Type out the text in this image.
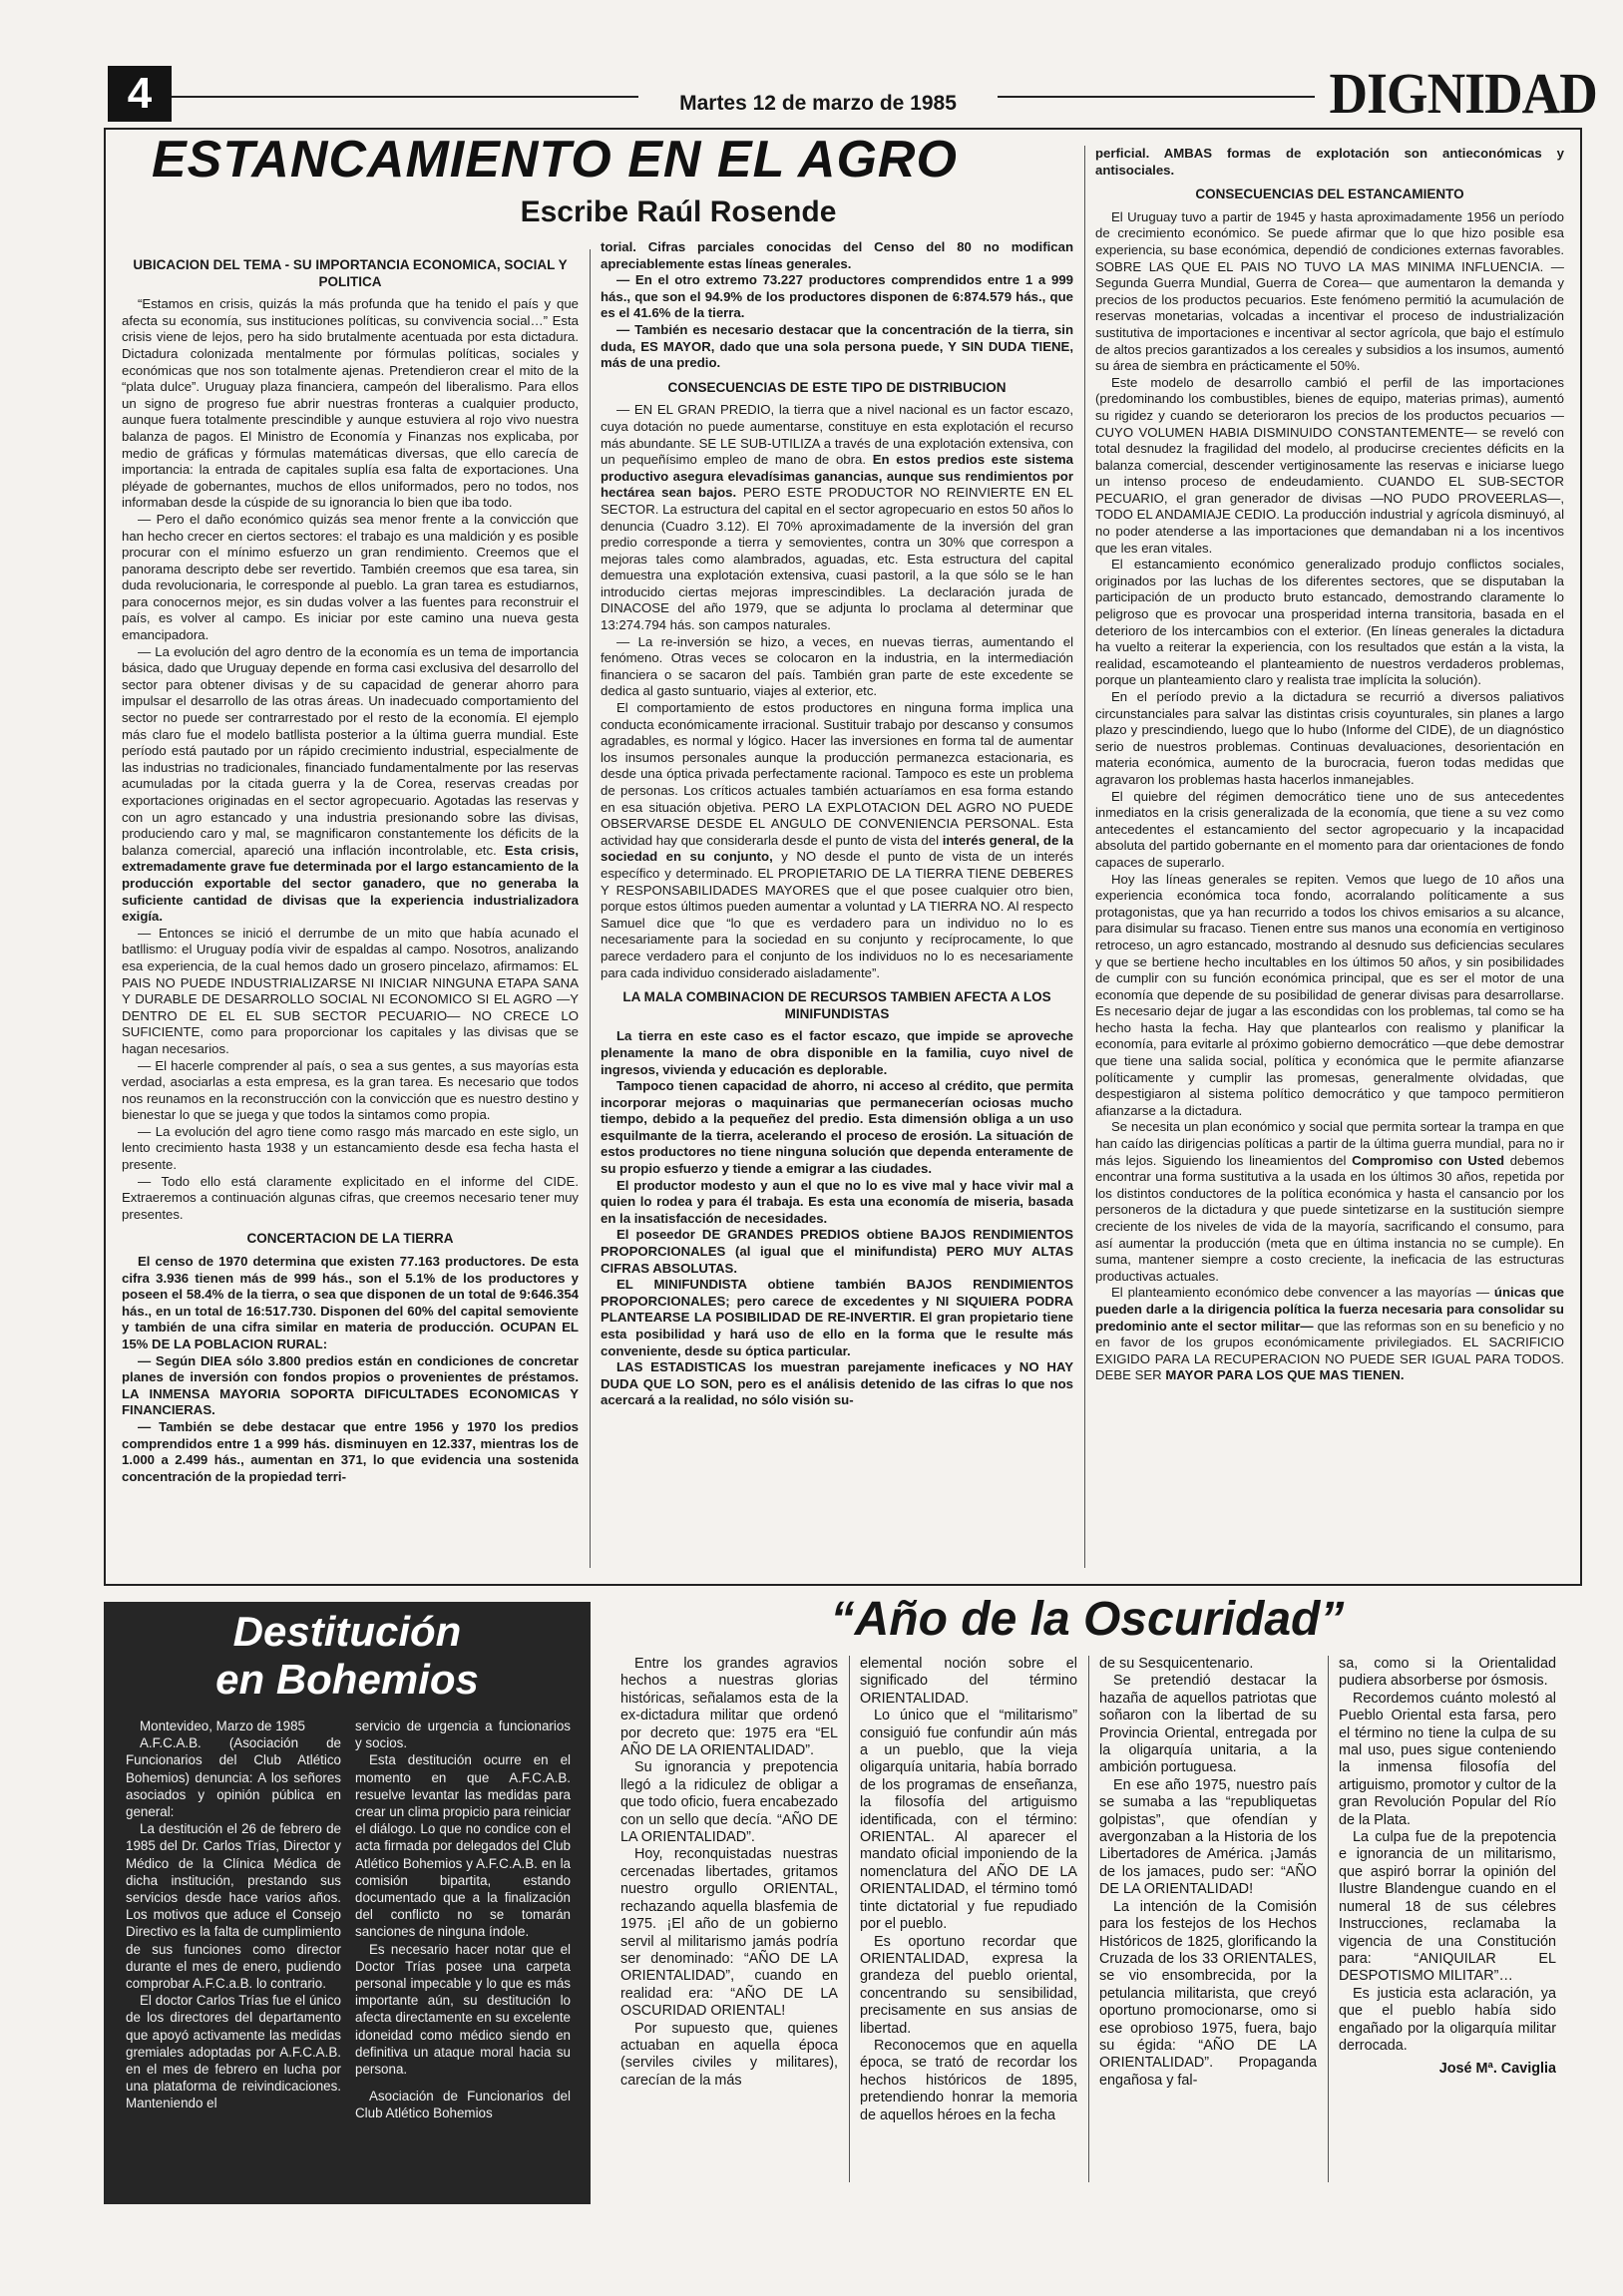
4	Martes 12 de marzo de 1985	DIGNIDAD
ESTANCAMIENTO EN EL AGRO
Escribe Raúl Rosende
UBICACION DEL TEMA - SU IMPORTANCIA ECONOMICA, SOCIAL Y POLITICA

“Estamos en crisis, quizás la más profunda que ha tenido el país y que afecta su economía, sus instituciones políticas, su convivencia social…” Esta crisis viene de lejos, pero ha sido brutalmente acentuada por esta dictadura. Dictadura colonizada mentalmente por fórmulas políticas, sociales y económicas que nos son totalmente ajenas. Pretendieron crear el mito de la “plata dulce”. Uruguay plaza financiera, campeón del liberalismo. Para ellos un signo de progreso fue abrir nuestras fronteras a cualquier producto, aunque fuera totalmente prescindible y aunque estuviera al rojo vivo nuestra balanza de pagos. El Ministro de Economía y Finanzas nos explicaba, por medio de gráficas y fórmulas matemáticas diversas, que ello carecía de importancia: la entrada de capitales suplía esa falta de exportaciones. Una pléyade de gobernantes, muchos de ellos uniformados, pero no todos, nos informaban desde la cúspide de su ignorancia lo bien que iba todo.

— Pero el daño económico quizás sea menor frente a la convicción que han hecho crecer en ciertos sectores: el trabajo es una maldición y es posible procurar con el mínimo esfuerzo un gran rendimiento. Creemos que el panorama descripto debe ser revertido. También creemos que esa tarea, sin duda revolucionaria, le corresponde al pueblo. La gran tarea es estudiarnos, para conocernos mejor, es sin dudas volver a las fuentes para reconstruir el país, es volver al campo. Es iniciar por este camino una nueva gesta emancipadora.

— La evolución del agro dentro de la economía es un tema de importancia básica, dado que Uruguay depende en forma casi exclusiva del desarrollo del sector para obtener divisas y de su capacidad de generar ahorro para impulsar el desarrollo de las otras áreas. Un inadecuado comportamiento del sector no puede ser contrarrestado por el resto de la economía. El ejemplo más claro fue el modelo batllista posterior a la última guerra mundial. Este período está pautado por un rápido crecimiento industrial, especialmente de las industrias no tradicionales, financiado fundamentalmente por las reservas acumuladas por la citada guerra y la de Corea, reservas creadas por exportaciones originadas en el sector agropecuario. Agotadas las reservas y con un agro estancado y una industria presionando sobre las divisas, produciendo caro y mal, se magnificaron constantemente los déficits de la balanza comercial, apareció una inflación incontrolable, etc. Esta crisis, extremadamente grave fue determinada por el largo estancamiento de la producción exportable del sector ganadero, que no generaba la suficiente cantidad de divisas que la experiencia industrializadora exigía.

— Entonces se inició el derrumbe de un mito que había acunado el batllismo: el Uruguay podía vivir de espaldas al campo. Nosotros, analizando esa experiencia, de la cual hemos dado un grosero pincelazo, afirmamos: EL PAIS NO PUEDE INDUSTRIALIZARSE NI INICIAR NINGUNA ETAPA SANA Y DURABLE DE DESARROLLO SOCIAL NI ECONOMICO SI EL AGRO —Y DENTRO DE EL EL SUB SECTOR PECUARIO— NO CRECE LO SUFICIENTE, como para proporcionar los capitales y las divisas que se hagan necesarios.

— El hacerle comprender al país, o sea a sus gentes, a sus mayorías esta verdad, asociarlas a esta empresa, es la gran tarea. Es necesario que todos nos reunamos en la reconstrucción con la convicción que es nuestro destino y bienestar lo que se juega y que todos la sintamos como propia.

— La evolución del agro tiene como rasgo más marcado en este siglo, un lento crecimiento hasta 1938 y un estancamiento desde esa fecha hasta el presente.

— Todo ello está claramente explicitado en el informe del CIDE. Extraeremos a continuación algunas cifras, que creemos necesario tener muy presentes.

CONCERTACION DE LA TIERRA

El censo de 1970 determina que existen 77.163 productores. De esta cifra 3.936 tienen más de 999 hás., son el 5.1% de los productores y poseen el 58.4% de la tierra, o sea que disponen de un total de 9:646.354 hás., en un total de 16:517.730. Disponen del 60% del capital semoviente y también de una cifra similar en materia de producción. OCUPAN EL 15% DE LA POBLACION RURAL:

— Según DIEA sólo 3.800 predios están en condiciones de concretar planes de inversión con fondos propios o provenientes de préstamos. LA INMENSA MAYORIA SOPORTA DIFICULTADES ECONOMICAS Y FINANCIERAS.

— También se debe destacar que entre 1956 y 1970 los predios comprendidos entre 1 a 999 hás. disminuyen en 12.337, mientras los de 1.000 a 2.499 hás., aumentan en 371, lo que evidencia una sostenida concentración de la propiedad terri-

torial. Cifras parciales conocidas del Censo del 80 no modifican apreciablemente estas líneas generales.

— En el otro extremo 73.227 productores comprendidos entre 1 a 999 hás., que son el 94.9% de los productores disponen de 6:874.579 hás., que es el 41.6% de la tierra.

— También es necesario destacar que la concentración de la tierra, sin duda, ES MAYOR, dado que una sola persona puede, Y SIN DUDA TIENE, más de una predio.

CONSECUENCIAS DE ESTE TIPO DE DISTRIBUCION

— EN EL GRAN PREDIO, la tierra que a nivel nacional es un factor escazo, cuya dotación no puede aumentarse, constituye en esta explotación el recurso más abundante. SE LE SUB-UTILIZA a través de una explotación extensiva, con un pequeñísimo empleo de mano de obra. En estos predios este sistema productivo asegura elevadísimas ganancias, aunque sus rendimientos por hectárea sean bajos. PERO ESTE PRODUCTOR NO REINVIERTE EN EL SECTOR. La estructura del capital en el sector agropecuario en estos 50 años lo denuncia (Cuadro 3.12). El 70% aproximadamente de la inversión del gran predio corresponde a tierra y semovientes, contra un 30% que correspon a mejoras tales como alambrados, aguadas, etc. Esta estructura del capital demuestra una explotación extensiva, cuasi pastoril, a la que sólo se le han introducido ciertas mejoras imprescindibles. La declaración jurada de DINACOSE del año 1979, que se adjunta lo proclama al determinar que 13:274.794 hás. son campos naturales.

— La re-inversión se hizo, a veces, en nuevas tierras, aumentando el fenómeno. Otras veces se colocaron en la industria, en la intermediación financiera o se sacaron del país. También gran parte de este excedente se dedica al gasto suntuario, viajes al exterior, etc.

El comportamiento de estos productores en ninguna forma implica una conducta económicamente irracional. Sustituir trabajo por descanso y consumos agradables, es normal y lógico. Hacer las inversiones en forma tal de aumentar los insumos personales aunque la producción permanezca estacionaria, es desde una óptica privada perfectamente racional. Tampoco es este un problema de personas. Los críticos actuales también actuaríamos en esa forma estando en esa situación objetiva. PERO LA EXPLOTACION DEL AGRO NO PUEDE OBSERVARSE DESDE EL ANGULO DE CONVENIENCIA PERSONAL. Esta actividad hay que considerarla desde el punto de vista del interés general, de la sociedad en su conjunto, y NO desde el punto de vista de un interés específico y determinado. EL PROPIETARIO DE LA TIERRA TIENE DEBERES Y RESPONSABILIDADES MAYORES que el que posee cualquier otro bien, porque estos últimos pueden aumentar a voluntad y LA TIERRA NO. Al respecto Samuel dice que “lo que es verdadero para un individuo no lo es necesariamente para la sociedad en su conjunto y recíprocamente, lo que parece verdadero para el conjunto de los individuos no lo es necesariamente para cada individuo considerado aisladamente”.

LA MALA COMBINACION DE RECURSOS TAMBIEN AFECTA A LOS MINIFUNDISTAS

La tierra en este caso es el factor escazo, que impide se aproveche plenamente la mano de obra disponible en la familia, cuyo nivel de ingresos, vivienda y educación es deplorable.

Tampoco tienen capacidad de ahorro, ni acceso al crédito, que permita incorporar mejoras o maquinarias que permanecerían ociosas mucho tiempo, debido a la pequeñez del predio. Esta dimensión obliga a un uso esquilmante de la tierra, acelerando el proceso de erosión. La situación de estos productores no tiene ninguna solución que dependa enteramente de su propio esfuerzo y tiende a emigrar a las ciudades.

El productor modesto y aun el que no lo es vive mal y hace vivir mal a quien lo rodea y para él trabaja. Es esta una economía de miseria, basada en la insatisfacción de necesidades.

El poseedor DE GRANDES PREDIOS obtiene BAJOS RENDIMIENTOS PROPORCIONALES (al igual que el minifundista) PERO MUY ALTAS CIFRAS ABSOLUTAS.

EL MINIFUNDISTA obtiene también BAJOS RENDIMIENTOS PROPORCIONALES; pero carece de excedentes y NI SIQUIERA PODRA PLANTEARSE LA POSIBILIDAD DE RE-INVERTIR. El gran propietario tiene esta posibilidad y hará uso de ello en la forma que le resulte más conveniente, desde su óptica particular.

LAS ESTADISTICAS los muestran parejamente ineficaces y NO HAY DUDA QUE LO SON, pero es el análisis detenido de las cifras lo que nos acercará a la realidad, no sólo visión su-

perficial. AMBAS formas de explotación son antieconómicas y antisociales.

CONSECUENCIAS DEL ESTANCAMIENTO

El Uruguay tuvo a partir de 1945 y hasta aproximadamente 1956 un período de crecimiento económico. Se puede afirmar que lo que hizo posible esa experiencia, su base económica, dependió de condiciones externas favorables. SOBRE LAS QUE EL PAIS NO TUVO LA MAS MINIMA INFLUENCIA. —Segunda Guerra Mundial, Guerra de Corea— que aumentaron la demanda y precios de los productos pecuarios. Este fenómeno permitió la acumulación de reservas monetarias, volcadas a incentivar el proceso de industrialización sustitutiva de importaciones e incentivar al sector agrícola, que bajo el estímulo de altos precios garantizados a los cereales y subsidios a los insumos, aumentó su área de siembra en prácticamente el 50%.

Este modelo de desarrollo cambió el perfil de las importaciones (predominando los combustibles, bienes de equipo, materias primas), aumentó su rigidez y cuando se deterioraron los precios de los productos pecuarios —CUYO VOLUMEN HABIA DISMINUIDO CONSTANTEMENTE— se reveló con total desnudez la fragilidad del modelo, al producirse crecientes déficits en la balanza comercial, descender vertiginosamente las reservas e iniciarse luego un intenso proceso de endeudamiento. CUANDO EL SUB-SECTOR PECUARIO, el gran generador de divisas —NO PUDO PROVEERLAS—, TODO EL ANDAMIAJE CEDIO. La producción industrial y agrícola disminuyó, al no poder atenderse a las importaciones que demandaban ni a los incentivos que les eran vitales.

El estancamiento económico generalizado produjo conflictos sociales, originados por las luchas de los diferentes sectores, que se disputaban la participación de un producto bruto estancado, demostrando claramente lo peligroso que es provocar una prosperidad interna transitoria, basada en el deterioro de los intercambios con el exterior. (En líneas generales la dictadura ha vuelto a reiterar la experiencia, con los resultados que están a la vista, la realidad, escamoteando el planteamiento de nuestros verdaderos problemas, porque un planteamiento claro y realista trae implícita la solución).

En el período previo a la dictadura se recurrió a diversos paliativos circunstanciales para salvar las distintas crisis coyunturales, sin planes a largo plazo y prescindiendo, luego que lo hubo (Informe del CIDE), de un diagnóstico serio de nuestros problemas. Continuas devaluaciones, desorientación en materia económica, aumento de la burocracia, fueron todas medidas que agravaron los problemas hasta hacerlos inmanejables.

El quiebre del régimen democrático tiene uno de sus antecedentes inmediatos en la crisis generalizada de la economía, que tiene a su vez como antecedentes el estancamiento del sector agropecuario y la incapacidad absoluta del partido gobernante en el momento para dar orientaciones de fondo capaces de superarlo.

Hoy las líneas generales se repiten. Vemos que luego de 10 años una experiencia económica toca fondo, acorralando políticamente a sus protagonistas, que ya han recurrido a todos los chivos emisarios a su alcance, para disimular su fracaso. Tienen entre sus manos una economía en vertiginoso retroceso, un agro estancado, mostrando al desnudo sus deficiencias seculares y que se bertiene hecho incultables en los últimos 50 años, y sin posibilidades de cumplir con su función económica principal, que es ser el motor de una economía que depende de su posibilidad de generar divisas para desarrollarse. Es necesario dejar de jugar a las escondidas con los problemas, tal como se ha hecho hasta la fecha. Hay que plantearlos con realismo y planificar la economía, para evitarle al próximo gobierno democrático —que debe demostrar que tiene una salida social, política y económica que le permite afianzarse políticamente y cumplir las promesas, generalmente olvidadas, que despestigiaron al sistema político democrático y que tampoco permitieron afianzarse a la dictadura.

Se necesita un plan económico y social que permita sortear la trampa en que han caído las dirigencias políticas a partir de la última guerra mundial, para no ir más lejos. Siguiendo los lineamientos del Compromiso con Usted debemos encontrar una forma sustitutiva a la usada en los últimos 30 años, repetida por los distintos conductores de la política económica y hasta el cansancio por los personeros de la dictadura y que puede sintetizarse en la sustitución siempre creciente de los niveles de vida de la mayoría, sacrificando el consumo, para así aumentar la producción (meta que en última instancia no se cumple). En suma, mantener siempre a costo creciente, la ineficacia de las estructuras productivas actuales.

El planteamiento económico debe convencer a las mayorías — únicas que pueden darle a la dirigencia política la fuerza necesaria para consolidar su predominio ante el sector militar— que las reformas son en su beneficio y no en favor de los grupos económicamente privilegiados. EL SACRIFICIO EXIGIDO PARA LA RECUPERACION NO PUEDE SER IGUAL PARA TODOS. DEBE SER MAYOR PARA LOS QUE MAS TIENEN.

Destitución
en Bohemios

Montevideo, Marzo de 1985

A.F.C.A.B. (Asociación de Funcionarios del Club Atlético Bohemios) denuncia: A los señores asociados y opinión pública en general:

La destitución el 26 de febrero de 1985 del Dr. Carlos Trías, Director y Médico de la Clínica Médica de dicha institución, prestando sus servicios desde hace varios años. Los motivos que aduce el Consejo Directivo es la falta de cumplimiento de sus funciones como director durante el mes de enero, pudiendo comprobar A.F.C.a.B. lo contrario.

El doctor Carlos Trías fue el único de los directores del departamento que apoyó activamente las medidas gremiales adoptadas por A.F.C.A.B. en el mes de febrero en lucha por una plataforma de reivindicaciones. Manteniendo el

servicio de urgencia a funcionarios y socios.

Esta destitución ocurre en el momento en que A.F.C.A.B. resuelve levantar las medidas para crear un clima propicio para reiniciar el diálogo. Lo que no condice con el acta firmada por delegados del Club Atlético Bohemios y A.F.C.A.B. en la comisión bipartita, estando documentado que a la finalización del conflicto no se tomarán sanciones de ninguna índole.

Es necesario hacer notar que el Doctor Trías posee una carpeta personal impecable y lo que es más importante aún, su destitución lo afecta directamente en su excelente idoneidad como médico siendo en definitiva un ataque moral hacia su persona.

Asociación de Funcionarios del Club Atlético Bohemios

“Año de la Oscuridad”

Entre los grandes agravios hechos a nuestras glorias históricas, señalamos esta de la ex-dictadura militar que ordenó por decreto que: 1975 era “EL AÑO DE LA ORIENTALIDAD”.

Su ignorancia y prepotencia llegó a la ridiculez de obligar a que todo oficio, fuera encabezado con un sello que decía. “AÑO DE LA ORIENTALIDAD”.

Hoy, reconquistadas nuestras cercenadas libertades, gritamos nuestro orgullo ORIENTAL, rechazando aquella blasfemia de 1975. ¡El año de un gobierno servil al militarismo jamás podría ser denominado: “AÑO DE LA ORIENTALIDAD”, cuando en realidad era: “AÑO DE LA OSCURIDAD ORIENTAL!

Por supuesto que, quienes actuaban en aquella época (serviles civiles y militares), carecían de la más

elemental noción sobre el significado del término ORIENTALIDAD.

Lo único que el “militarismo” consiguió fue confundir aún más a un pueblo, que la vieja oligarquía unitaria, había borrado de los programas de enseñanza, la filosofía del artiguismo identificada, con el término: ORIENTAL. Al aparecer el mandato oficial imponiendo de la nomenclatura del AÑO DE LA ORIENTALIDAD, el término tomó tinte dictatorial y fue repudiado por el pueblo.

Es oportuno recordar que ORIENTALIDAD, expresa la grandeza del pueblo oriental, concentrando su sensibilidad, precisamente en sus ansias de libertad.

Reconocemos que en aquella época, se trató de recordar los hechos históricos de 1895, pretendiendo honrar la memoria de aquellos héroes en la fecha

de su Sesquicentenario.

Se pretendió destacar la hazaña de aquellos patriotas que soñaron con la libertad de su Provincia Oriental, entregada por la oligarquía unitaria, a la ambición portuguesa.

En ese año 1975, nuestro país se sumaba a las “republiquetas golpistas”, que ofendían y avergonzaban a la Historia de los Libertadores de América. ¡Jamás de los jamaces, pudo ser: “AÑO DE LA ORIENTALIDAD!

La intención de la Comisión para los festejos de los Hechos Históricos de 1825, glorificando la Cruzada de los 33 ORIENTALES, se vio ensombrecida, por la petulancia militarista, que creyó oportuno promocionarse, omo si ese oprobioso 1975, fuera, bajo su égida: “AÑO DE LA ORIENTALIDAD”. Propaganda engañosa y fal-

sa, como si la Orientalidad pudiera absorberse por ósmosis.

Recordemos cuánto molestó al Pueblo Oriental esta farsa, pero el término no tiene la culpa de su mal uso, pues sigue conteniendo la inmensa filosofía del artiguismo, promotor y cultor de la gran Revolución Popular del Río de la Plata.

La culpa fue de la prepotencia e ignorancia de un militarismo, que aspiró borrar la opinión del Ilustre Blandengue cuando en el numeral 18 de sus célebres Instrucciones, reclamaba la vigencia de una Constitución para: “ANIQUILAR EL DESPOTISMO MILITAR”…

Es justicia esta aclaración, ya que el pueblo había sido engañado por la oligarquía militar derrocada.

José Mª. Caviglia
